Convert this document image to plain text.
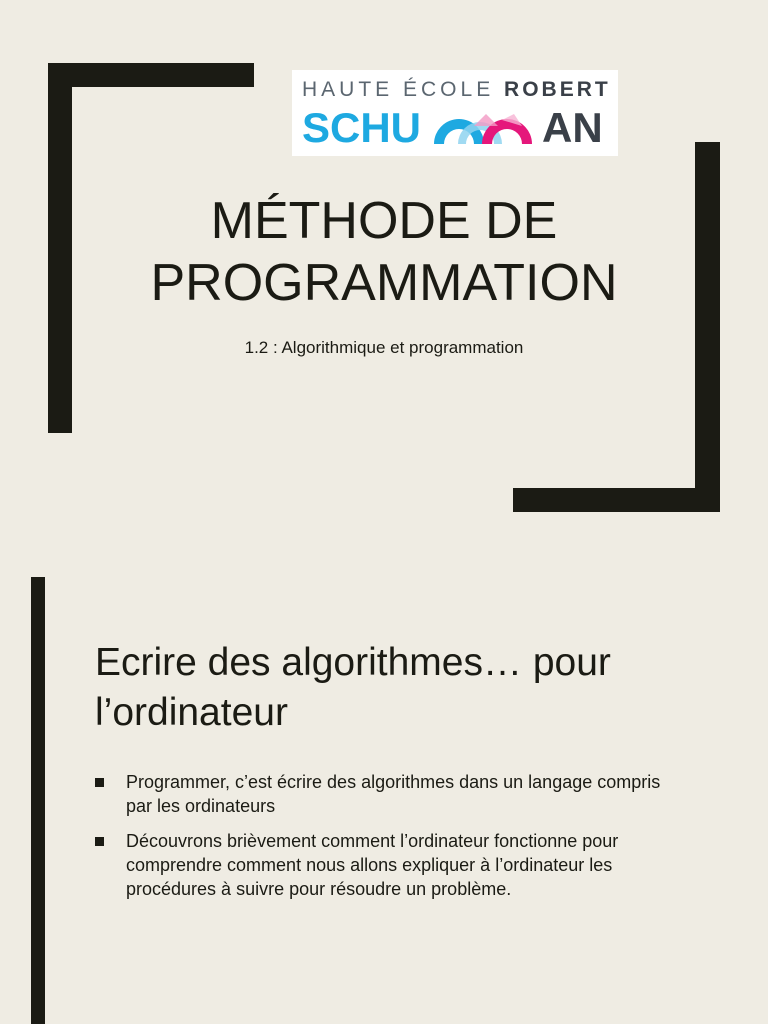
HAUTE ÉCOLE ROBERT
SCHU	AN
MÉTHODE DE
PROGRAMMATION
1.2 : Algorithmique et programmation
Ecrire des algorithmes… pour
l’ordinateur
Programmer, c’est écrire des algorithmes dans un langage compris par les ordinateurs
Découvrons brièvement comment l’ordinateur fonctionne pour comprendre comment nous allons expliquer à l’ordinateur les procédures à suivre pour résoudre un problème.
